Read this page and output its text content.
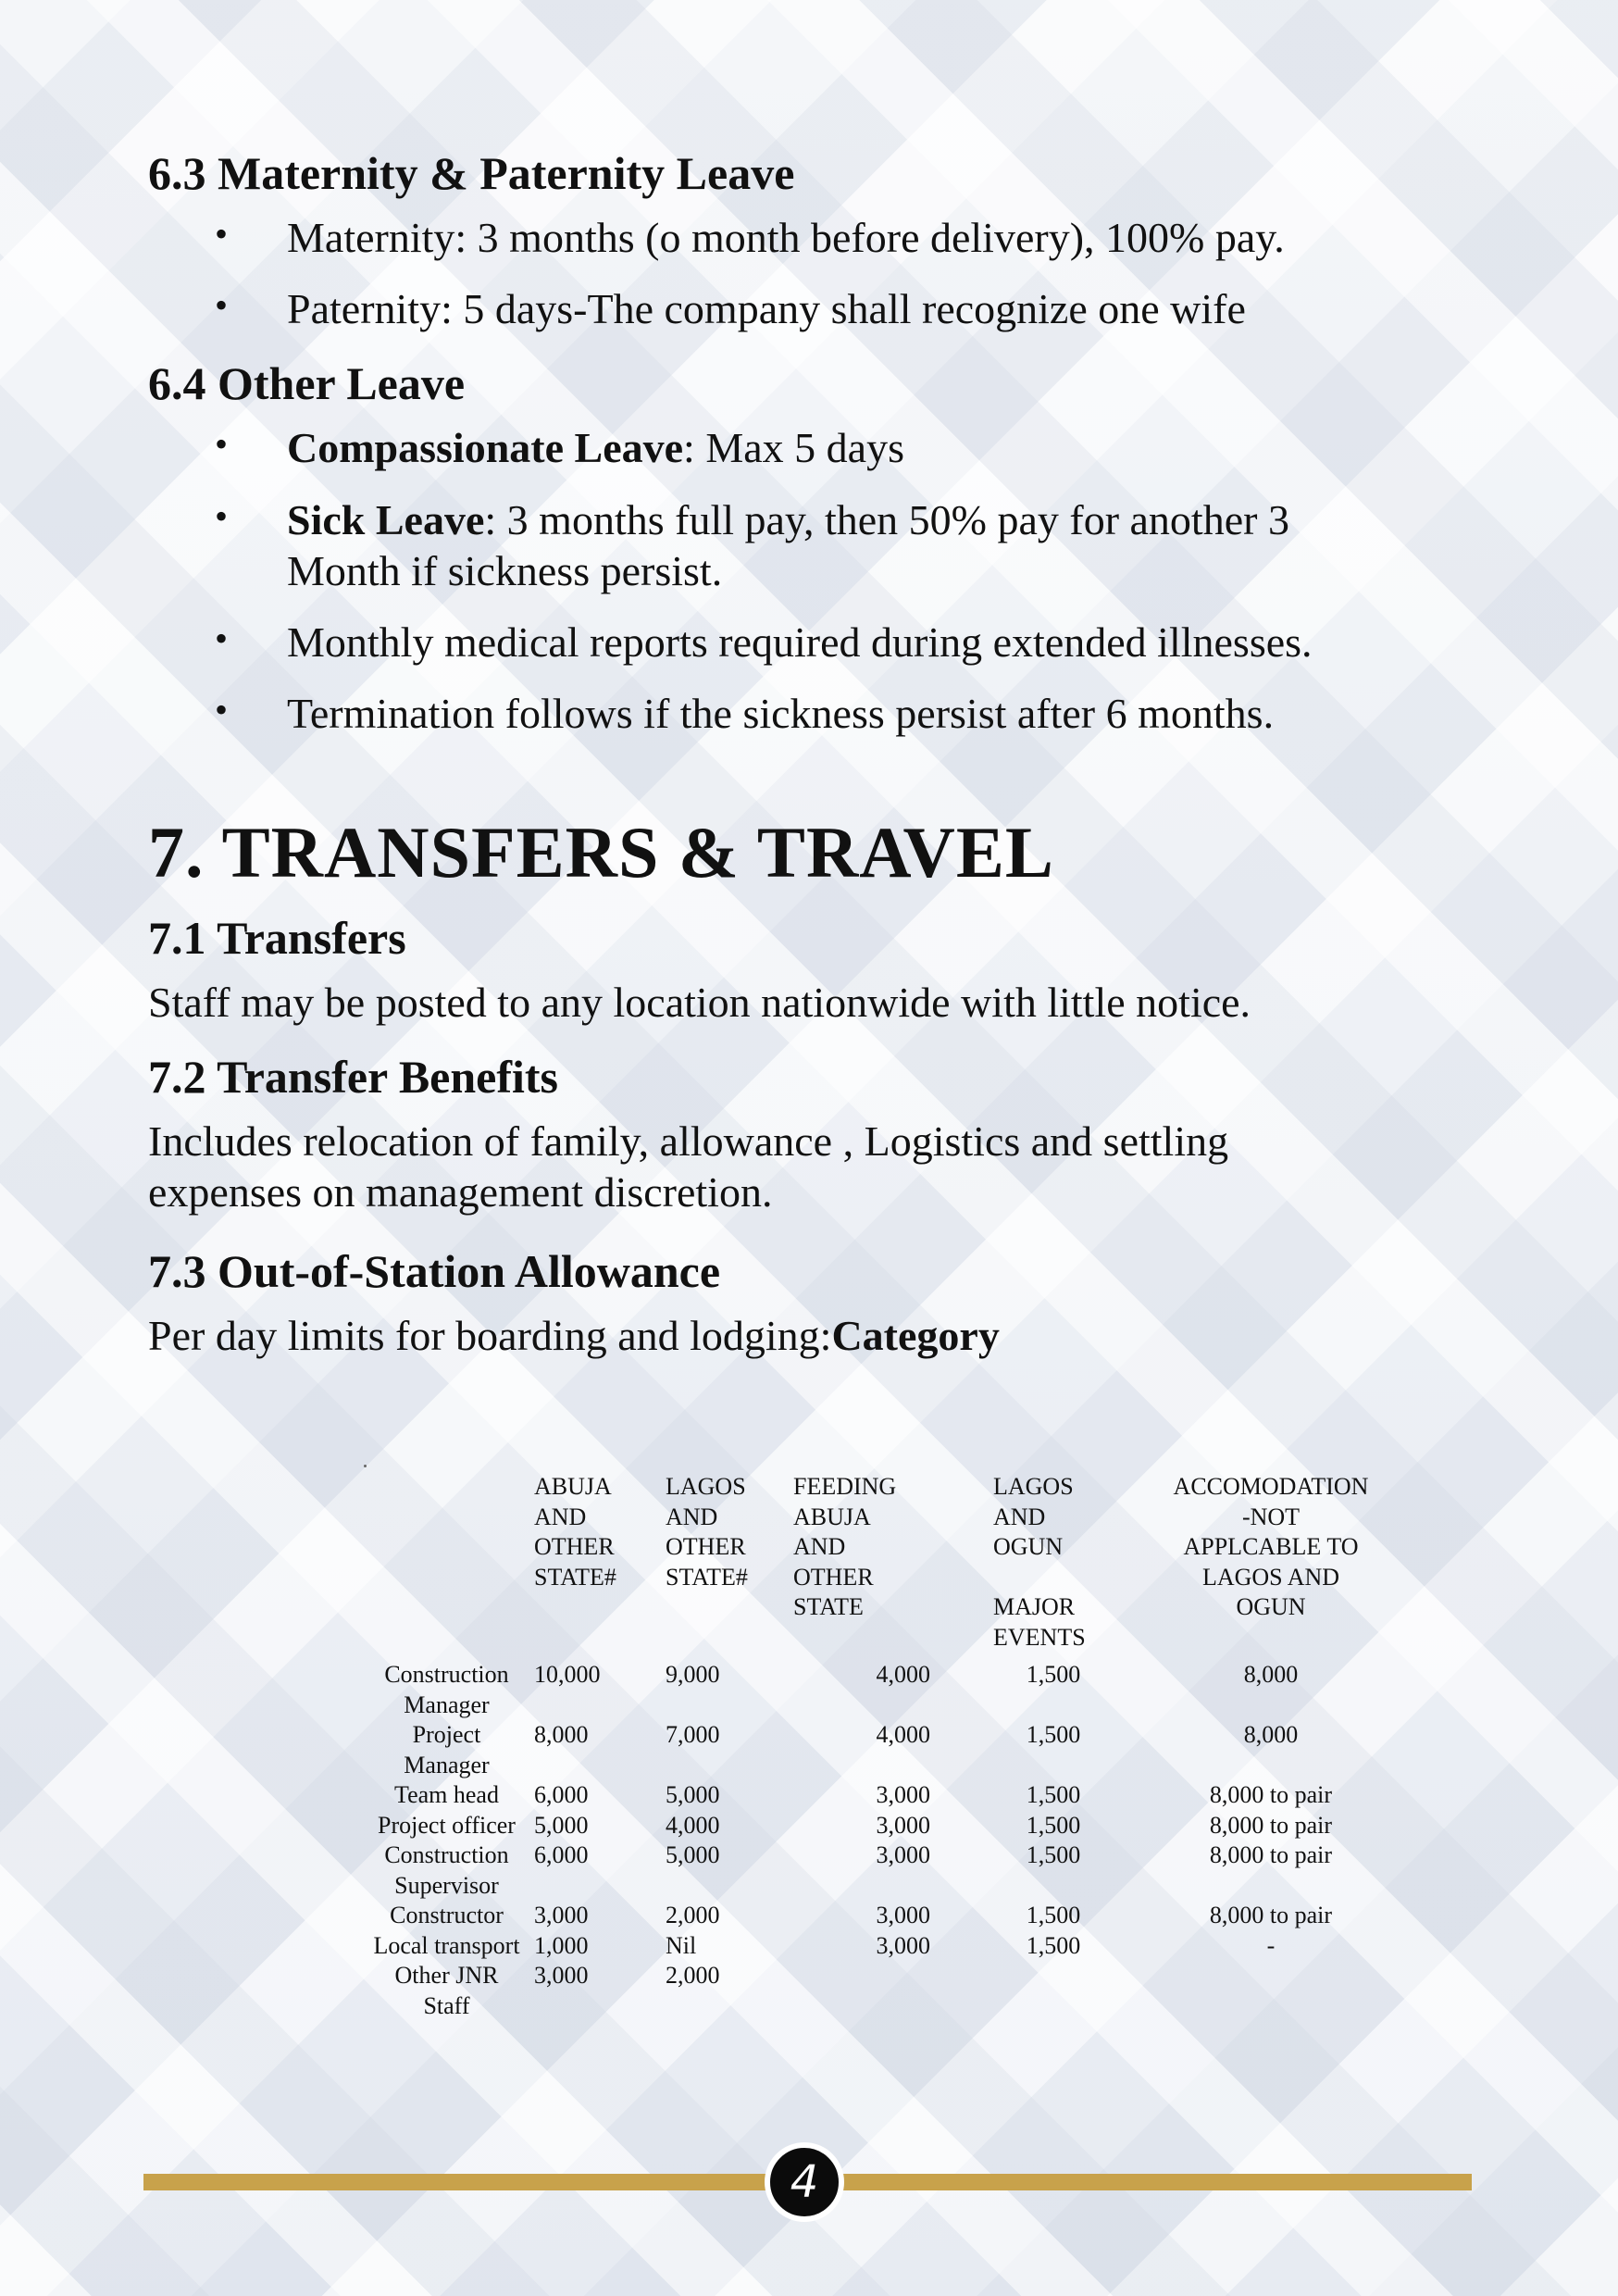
6.3 Maternity & Paternity Leave
• Maternity: 3 months (o month before delivery), 100% pay.
• Paternity: 5 days-The company shall recognize one wife
6.4 Other Leave
• Compassionate Leave: Max 5 days
• Sick Leave: 3 months full pay, then 50% pay for another 3 Month if sickness persist.
• Monthly medical reports required during extended illnesses.
• Termination follows if the sickness persist after 6 months.
7. TRANSFERS & TRAVEL
7.1 Transfers

Staff may be posted to any location nationwide with little notice.

7.2 Transfer Benefits

Includes relocation of family, allowance , Logistics and settling expenses on management discretion.

7.3 Out-of-Station Allowance

Per day limits for boarding and lodging:Category

	ABUJA
AND
OTHER
STATE#	LAGOS
AND
OTHER
STATE#	FEEDING
ABUJA
AND
OTHER
STATE	LAGOS
AND
OGUN

MAJOR
EVENTS	ACCOMODATION
-NOT
APPLCABLE TO
LAGOS AND
OGUN
Construction Manager	10,000	9,000	4,000	1,500	8,000
Project Manager	8,000	7,000	4,000	1,500	8,000
Team head	6,000	5,000	3,000	1,500	8,000 to pair
Project officer	5,000	4,000	3,000	1,500	8,000 to pair
Construction Supervisor	6,000	5,000	3,000	1,500	8,000 to pair
Constructor	3,000	2,000	3,000	1,500	8,000 to pair
Local transport	1,000	Nil	3,000	1,500	-
Other JNR Staff	3,000	2,000			
4
